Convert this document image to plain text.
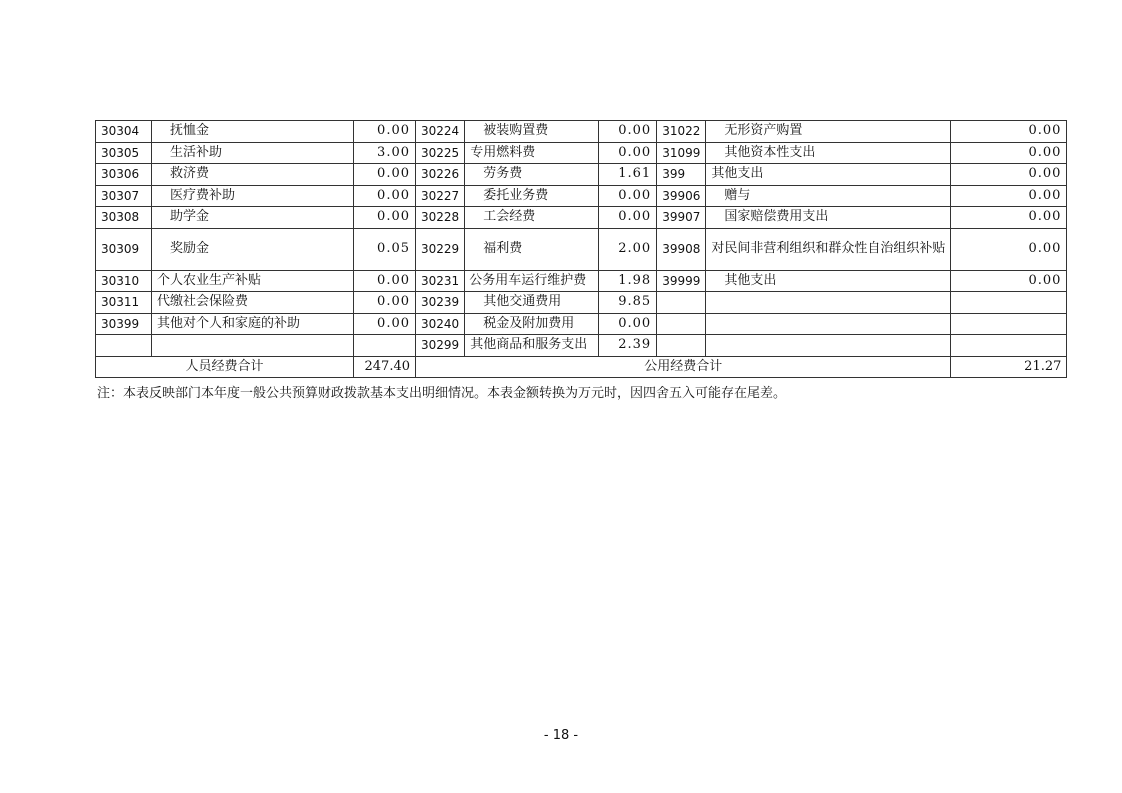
30304	抚恤金	0.00	30224	被装购置费	0.00	31022	无形资产购置	0.00
30305	生活补助	3.00	30225	专用燃料费	0.00	31099	其他资本性支出	0.00
30306	救济费	0.00	30226	劳务费	1.61	399	其他支出	0.00
30307	医疗费补助	0.00	30227	委托业务费	0.00	39906	赠与	0.00
30308	助学金	0.00	30228	工会经费	0.00	39907	国家赔偿费用支出	0.00
30309	奖励金	0.05	30229	福利费	2.00	39908	对民间非营利组织和群众性自治组织补贴	0.00
30310	个人农业生产补贴	0.00	30231	公务用车运行维护费	1.98	39999	其他支出	0.00
30311	代缴社会保险费	0.00	30239	其他交通费用	9.85			
30399	其他对个人和家庭的补助	0.00	30240	税金及附加费用	0.00			
			30299	其他商品和服务支出	2.39			
人员经费合计		247.40	公用经费合计					21.27
注：本表反映部门本年度一般公共预算财政拨款基本支出明细情况。本表金额转换为万元时，因四舍五入可能存在尾差。
- 18 -
